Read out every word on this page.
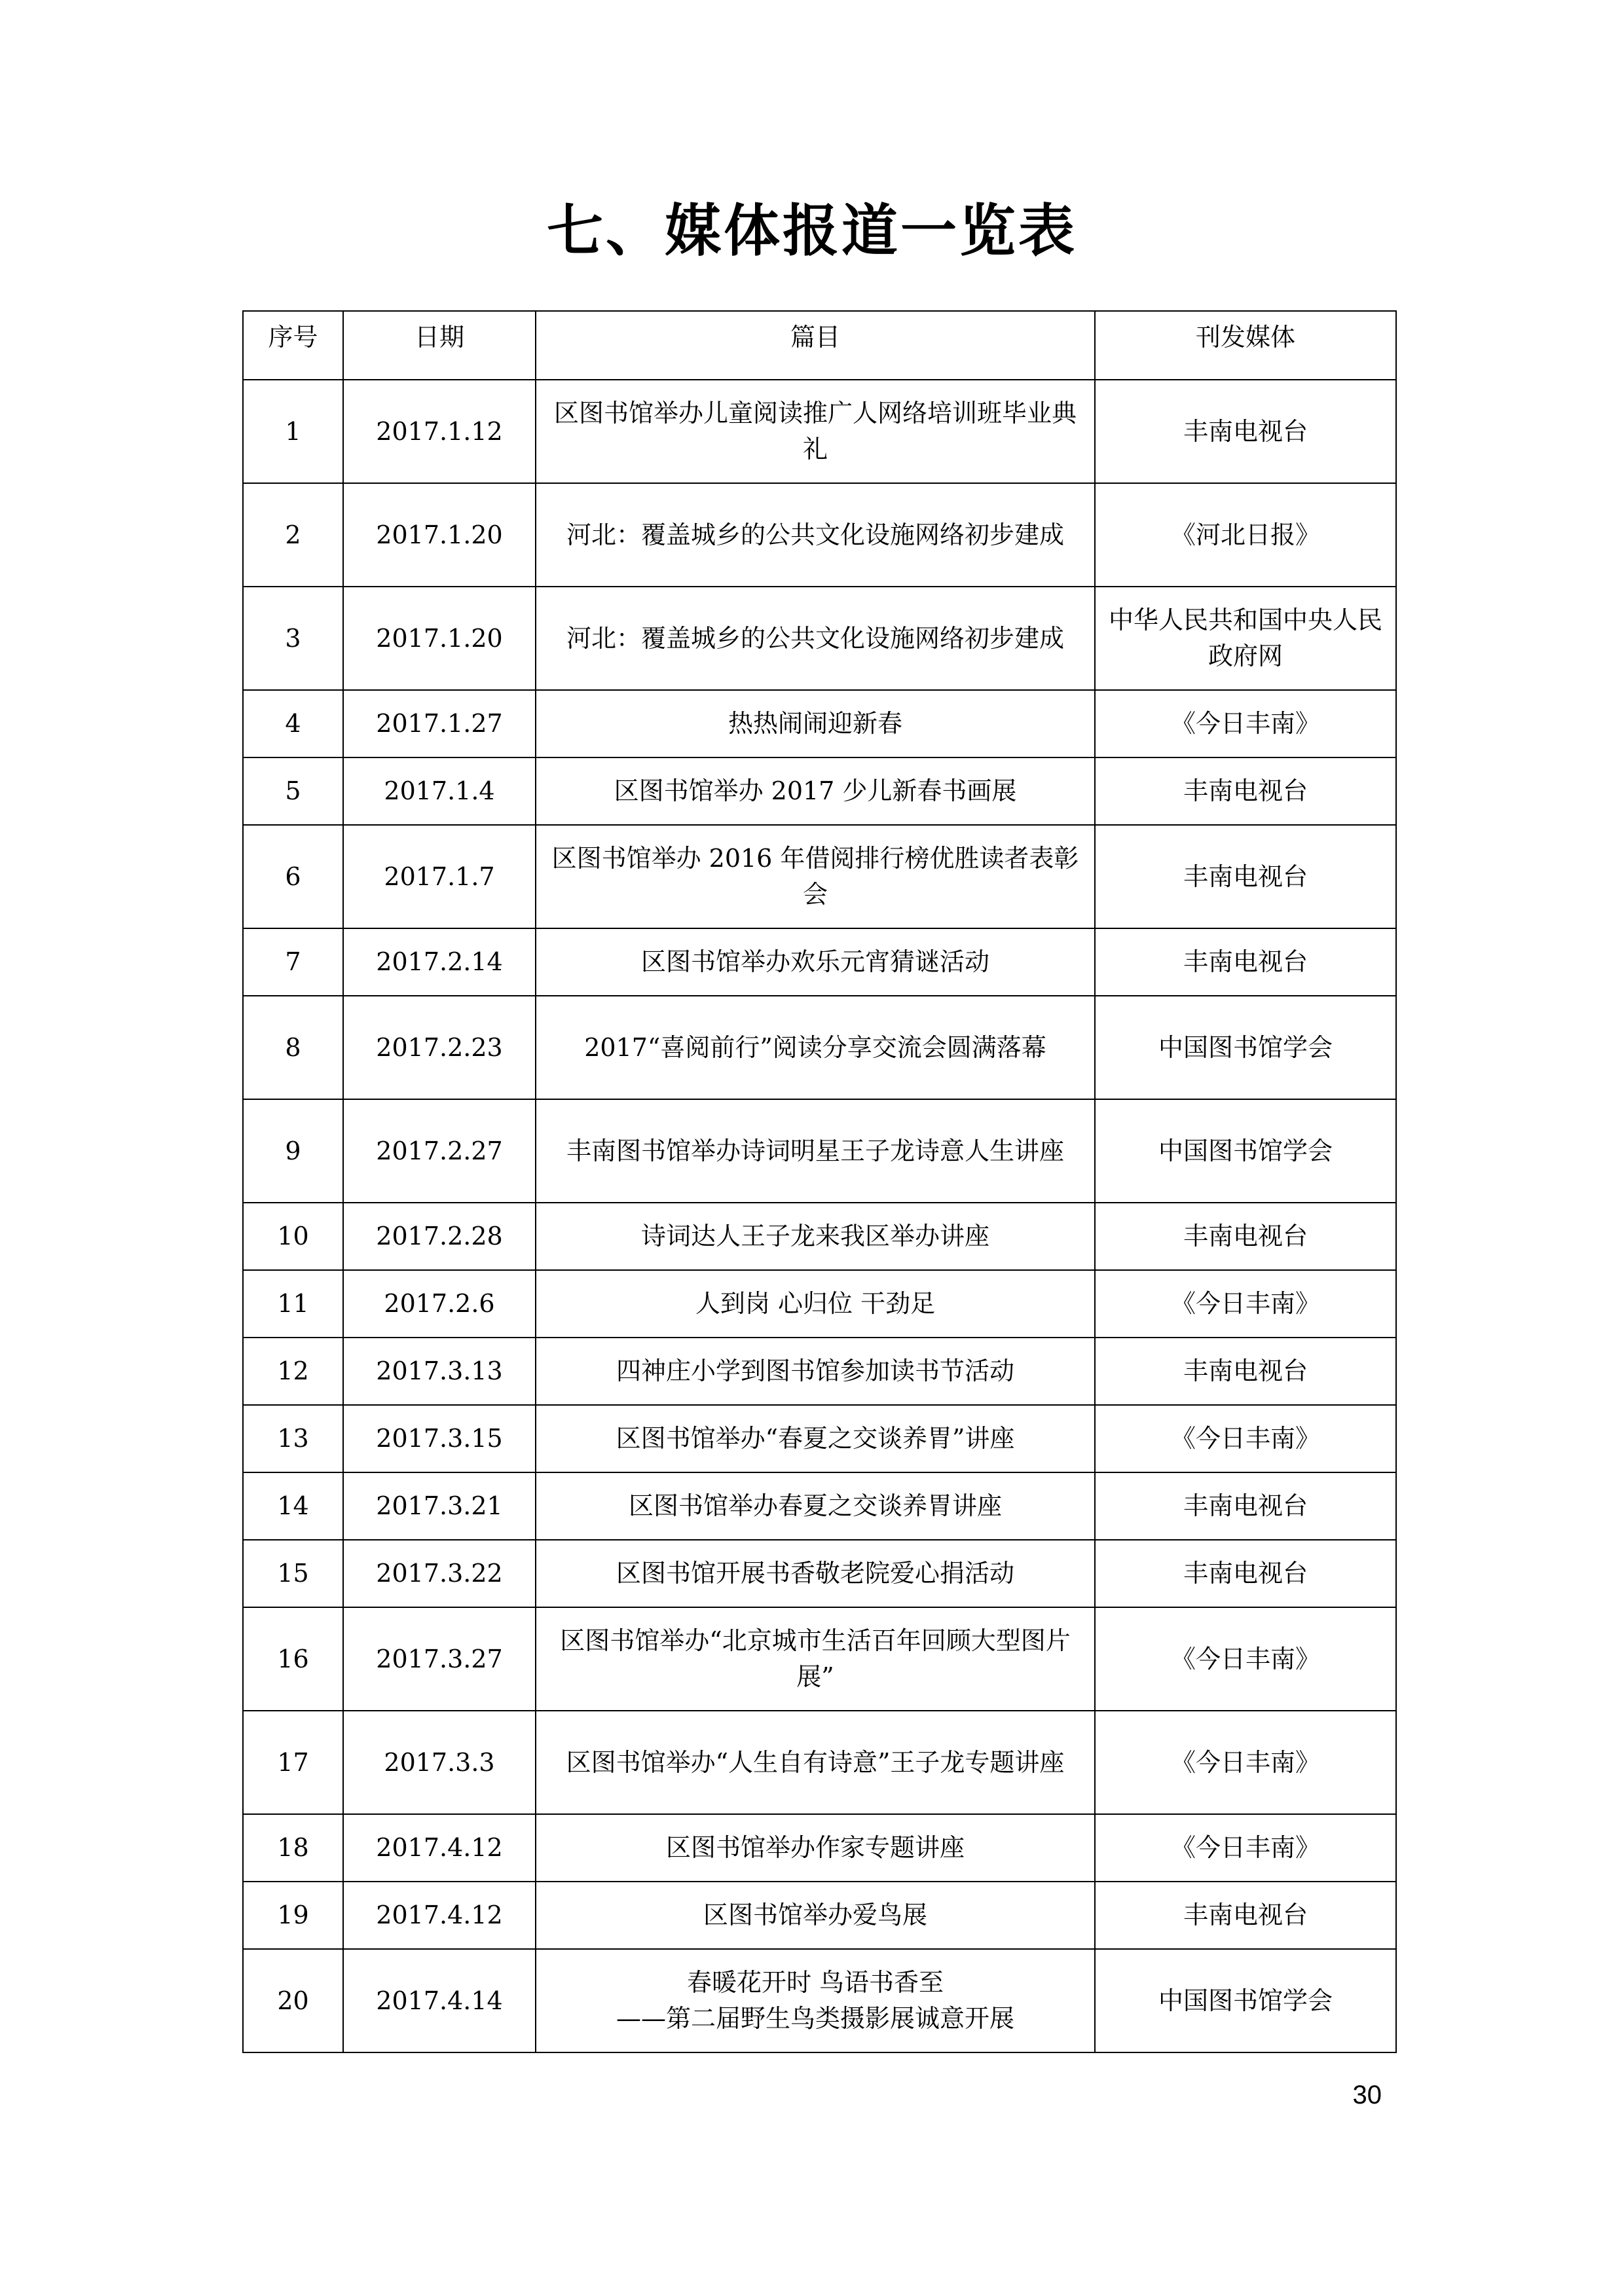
七、媒体报道一览表
序号	日期	篇目	刊发媒体
1	2017.1.12	区图书馆举办儿童阅读推广人网络培训班毕业典礼	丰南电视台
2	2017.1.20	河北：覆盖城乡的公共文化设施网络初步建成	《河北日报》
3	2017.1.20	河北：覆盖城乡的公共文化设施网络初步建成	中华人民共和国中央人民政府网
4	2017.1.27	热热闹闹迎新春	《今日丰南》
5	2017.1.4	区图书馆举办 2017 少儿新春书画展	丰南电视台
6	2017.1.7	区图书馆举办 2016 年借阅排行榜优胜读者表彰会	丰南电视台
7	2017.2.14	区图书馆举办欢乐元宵猜谜活动	丰南电视台
8	2017.2.23	2017“喜阅前行”阅读分享交流会圆满落幕	中国图书馆学会
9	2017.2.27	丰南图书馆举办诗词明星王子龙诗意人生讲座	中国图书馆学会
10	2017.2.28	诗词达人王子龙来我区举办讲座	丰南电视台
11	2017.2.6	人到岗 心归位 干劲足	《今日丰南》
12	2017.3.13	四神庄小学到图书馆参加读书节活动	丰南电视台
13	2017.3.15	区图书馆举办“春夏之交谈养胃”讲座	《今日丰南》
14	2017.3.21	区图书馆举办春夏之交谈养胃讲座	丰南电视台
15	2017.3.22	区图书馆开展书香敬老院爱心捐活动	丰南电视台
16	2017.3.27	区图书馆举办“北京城市生活百年回顾大型图片展”	《今日丰南》
17	2017.3.3	区图书馆举办“人生自有诗意”王子龙专题讲座	《今日丰南》
18	2017.4.12	区图书馆举办作家专题讲座	《今日丰南》
19	2017.4.12	区图书馆举办爱鸟展	丰南电视台
20	2017.4.14	春暖花开时 鸟语书香至
——第二届野生鸟类摄影展诚意开展	中国图书馆学会
30
